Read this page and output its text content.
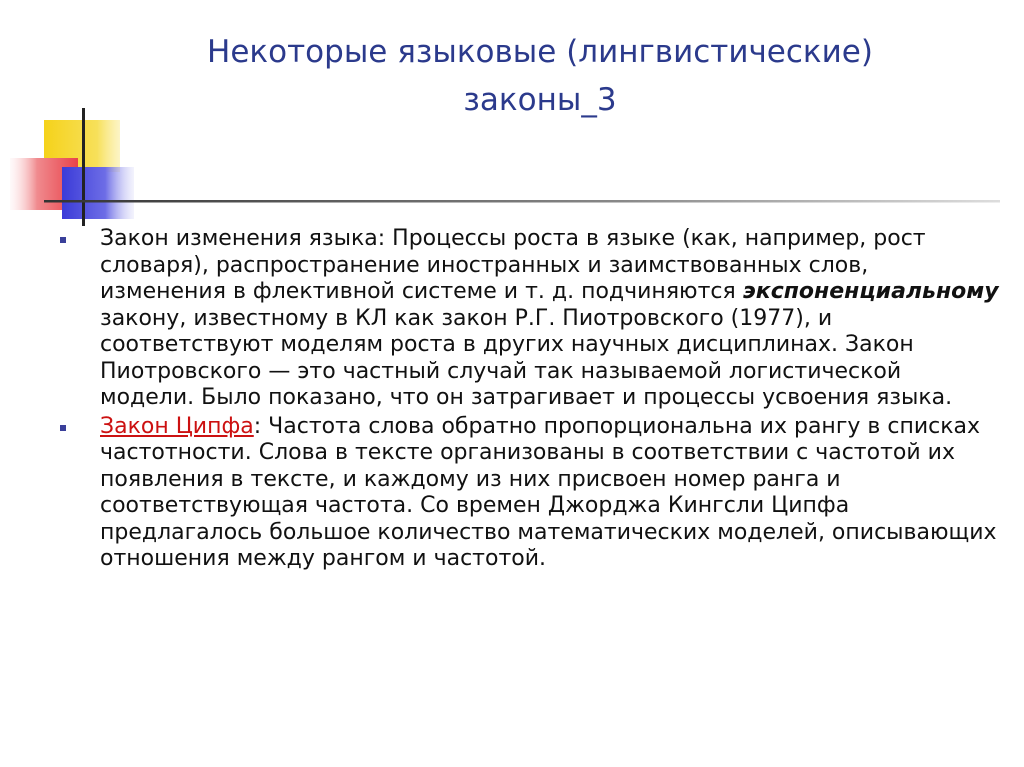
Некоторые языковые (лингвистические)
законы_3
Закон изменения языка: Процессы роста в языке (как, например, рост словаря), распространение иностранных и заимствованных слов, изменения в флективной системе и т. д. подчиняются экспоненциальному закону, известному в КЛ как закон Р.Г. Пиотровского (1977), и соответствуют моделям роста в других научных дисциплинах. Закон Пиотровского — это частный случай так называемой логистической модели. Было показано, что он затрагивает и процессы усвоения языка.
Закон Ципфа: Частота слова обратно пропорциональна их рангу в списках частотности. Слова в тексте организованы в соответствии с частотой их появления в тексте, и каждому из них присвоен номер ранга и соответствующая частота. Со времен Джорджа Кингсли Ципфа предлагалось большое количество математических моделей, описывающих отношения между рангом и частотой.
